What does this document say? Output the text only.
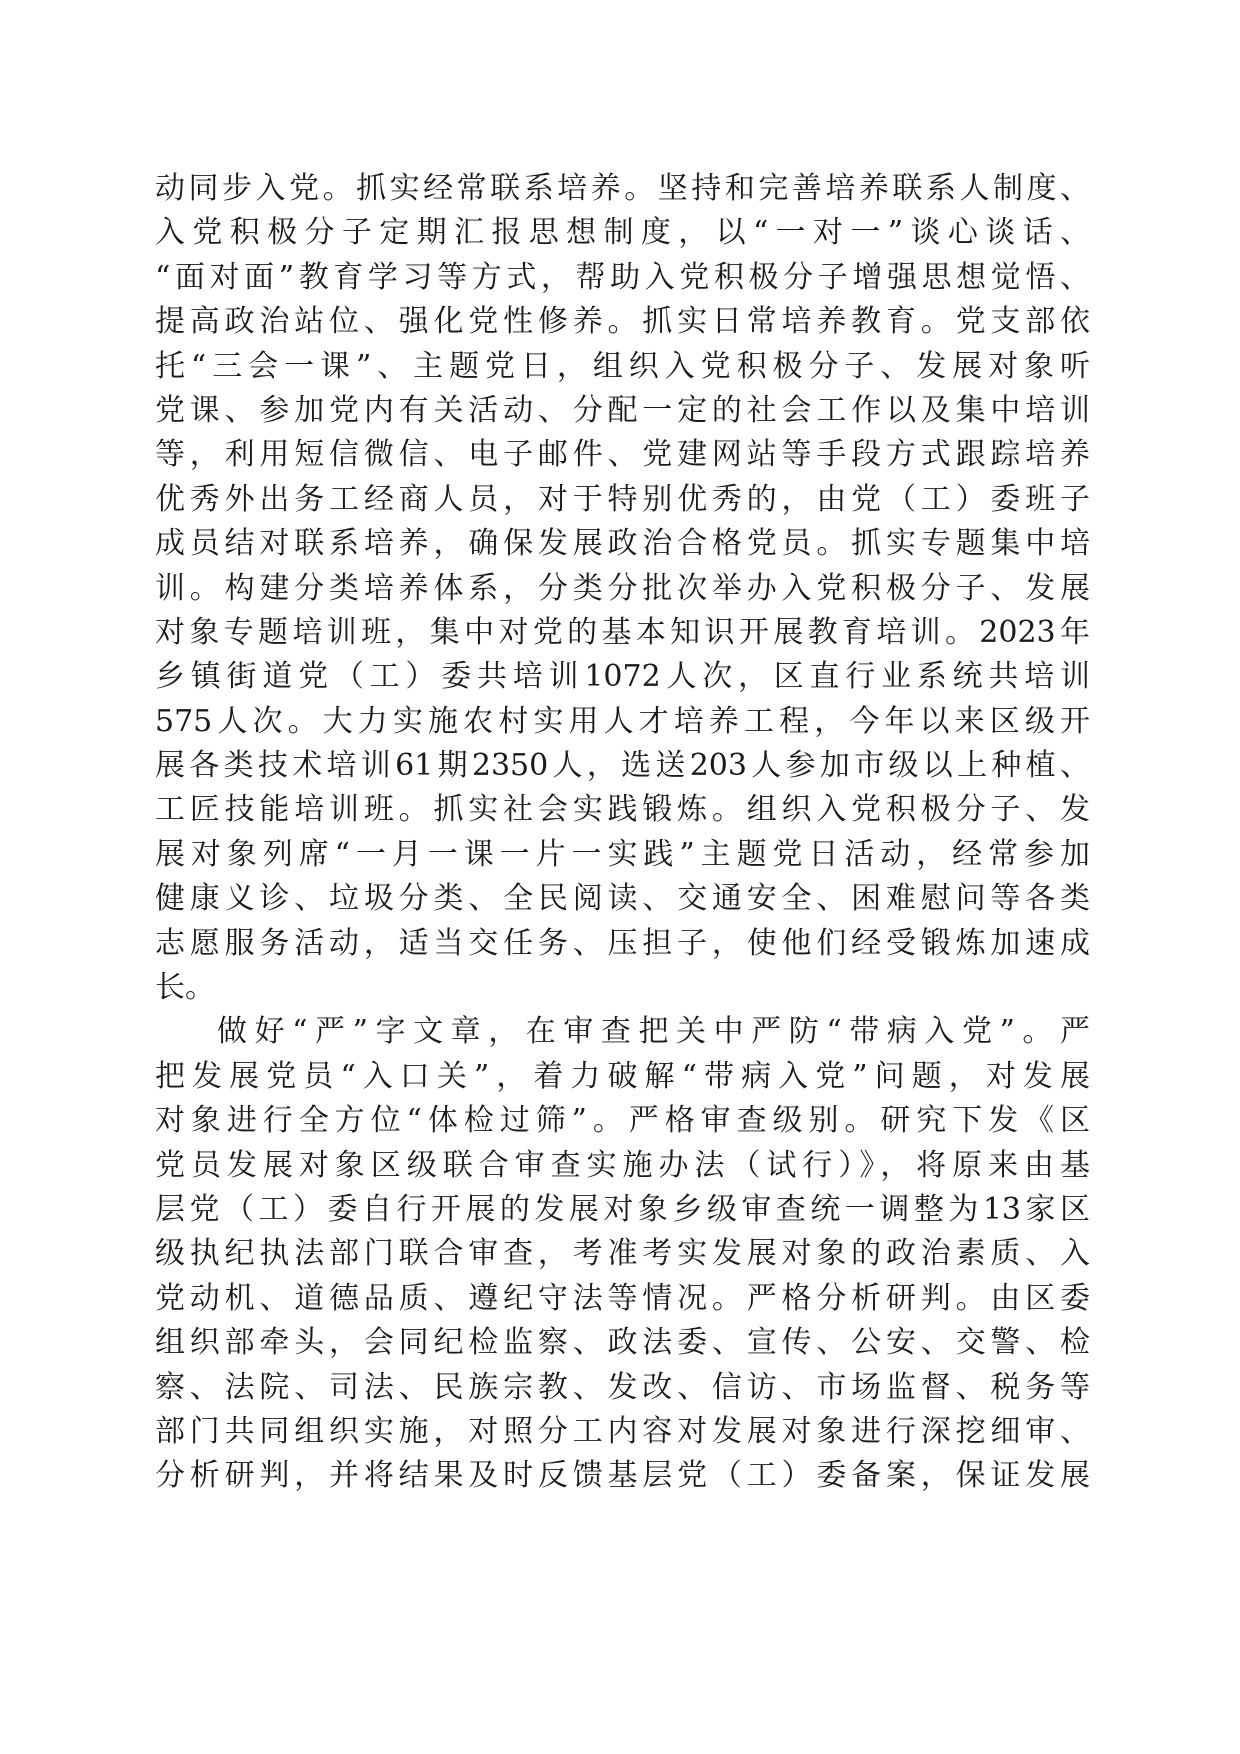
动同步入党。抓实经常联系培养。坚持和完善培养联系人制度、
入党积极分子定期汇报思想制度，以“一对一”谈心谈话、
“面对面”教育学习等方式，帮助入党积极分子增强思想觉悟、
提高政治站位、强化党性修养。抓实日常培养教育。党支部依
托“三会一课”、主题党日，组织入党积极分子、发展对象听
党课、参加党内有关活动、分配一定的社会工作以及集中培训
等，利用短信微信、电子邮件、党建网站等手段方式跟踪培养
优秀外出务工经商人员，对于特别优秀的，由党（工）委班子
成员结对联系培养，确保发展政治合格党员。抓实专题集中培
训。构建分类培养体系，分类分批次举办入党积极分子、发展
对象专题培训班，集中对党的基本知识开展教育培训。2023年
乡镇街道党（工）委共培训1072人次，区直行业系统共培训
575人次。大力实施农村实用人才培养工程，今年以来区级开
展各类技术培训61期2350人，选送203人参加市级以上种植、
工匠技能培训班。抓实社会实践锻炼。组织入党积极分子、发
展对象列席“一月一课一片一实践”主题党日活动，经常参加
健康义诊、垃圾分类、全民阅读、交通安全、困难慰问等各类
志愿服务活动，适当交任务、压担子，使他们经受锻炼加速成
长。
做好“严”字文章，在审查把关中严防“带病入党”。严
把发展党员“入口关”，着力破解“带病入党”问题，对发展
对象进行全方位“体检过筛”。严格审查级别。研究下发《区
党员发展对象区级联合审查实施办法（试行）》，将原来由基
层党（工）委自行开展的发展对象乡级审查统一调整为13家区
级执纪执法部门联合审查，考准考实发展对象的政治素质、入
党动机、道德品质、遵纪守法等情况。严格分析研判。由区委
组织部牵头，会同纪检监察、政法委、宣传、公安、交警、检
察、法院、司法、民族宗教、发改、信访、市场监督、税务等
部门共同组织实施，对照分工内容对发展对象进行深挖细审、
分析研判，并将结果及时反馈基层党（工）委备案，保证发展
